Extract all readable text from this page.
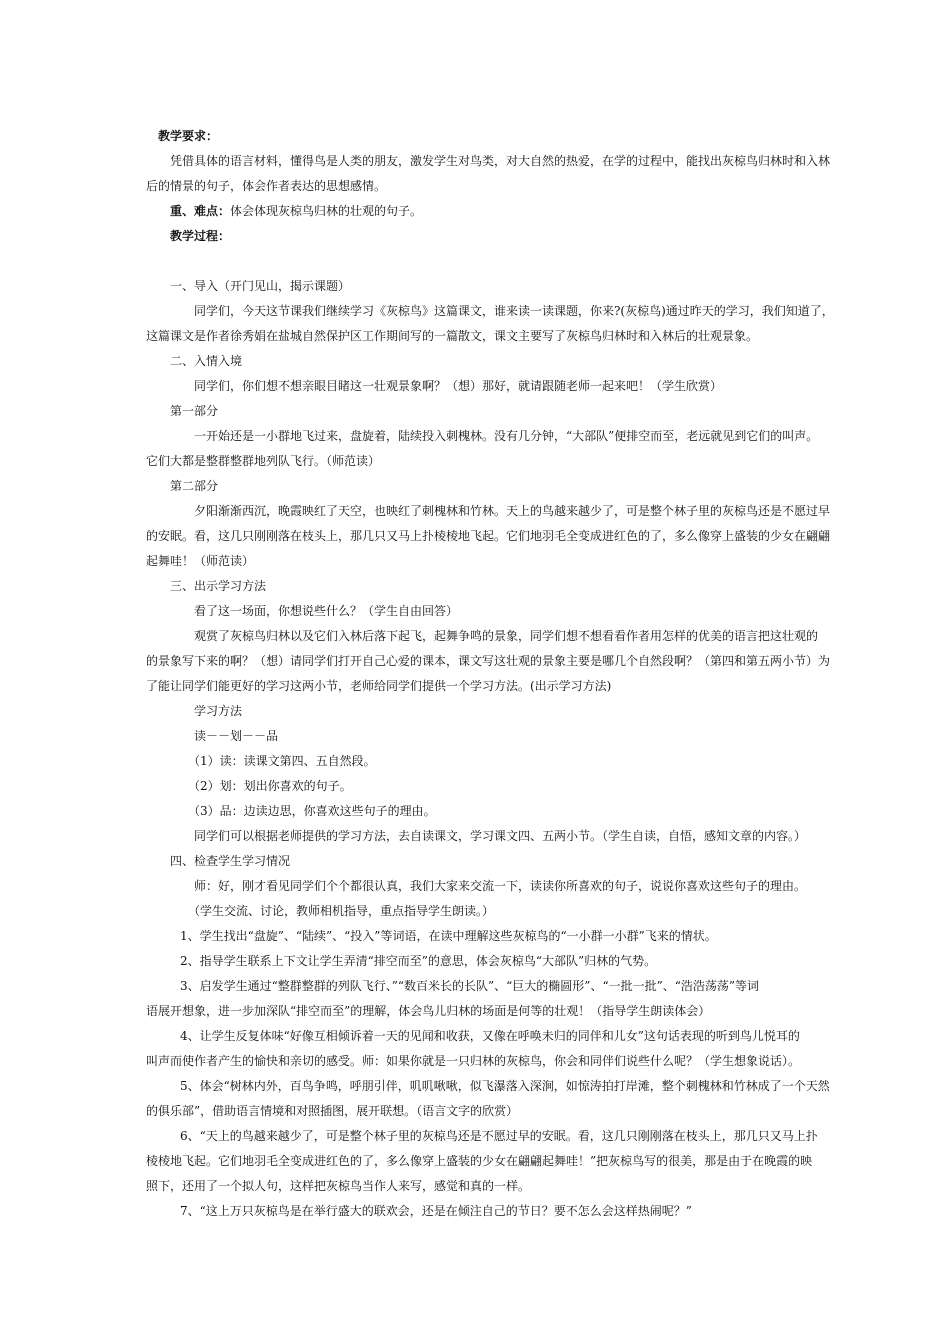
教学要求：
凭借具体的语言材料，懂得鸟是人类的朋友，激发学生对鸟类，对大自然的热爱，在学的过程中，能找出灰椋鸟归林时和入林
后的情景的句子，体会作者表达的思想感情。
重、难点：体会体现灰椋鸟归林的壮观的句子。
教学过程：
一、导入（开门见山，揭示课题）
同学们，今天这节课我们继续学习《灰椋鸟》这篇课文，谁来读一读课题，你来?(灰椋鸟)通过昨天的学习，我们知道了，
这篇课文是作者徐秀娟在盐城自然保护区工作期间写的一篇散文，课文主要写了灰椋鸟归林时和入林后的壮观景象。
二、入情入境
同学们，你们想不想亲眼目睹这一壮观景象啊？（想）那好，就请跟随老师一起来吧！（学生欣赏）
第一部分
一开始还是一小群地飞过来，盘旋着，陆续投入刺槐林。没有几分钟，“大部队”便排空而至，老远就见到它们的叫声。
它们大都是整群整群地列队飞行。（师范读）
第二部分
夕阳渐渐西沉，晚霞映红了天空，也映红了刺槐林和竹林。天上的鸟越来越少了，可是整个林子里的灰椋鸟还是不愿过早
的安眠。看，这几只刚刚落在枝头上，那几只又马上扑棱棱地飞起。它们地羽毛全变成进红色的了，多么像穿上盛装的少女在翩翩
起舞哇！（师范读）
三、出示学习方法
看了这一场面，你想说些什么？（学生自由回答）
观赏了灰椋鸟归林以及它们入林后落下起飞，起舞争鸣的景象，同学们想不想看看作者用怎样的优美的语言把这壮观的
的景象写下来的啊？（想）请同学们打开自己心爱的课本，课文写这壮观的景象主要是哪几个自然段啊？（第四和第五两小节）为
了能让同学们能更好的学习这两小节，老师给同学们提供一个学习方法。(出示学习方法)
学习方法
读－－划－－品
（1）读：读课文第四、五自然段。
（2）划：划出你喜欢的句子。
（3）品：边读边思，你喜欢这些句子的理由。
同学们可以根据老师提供的学习方法，去自读课文，学习课文四、五两小节。（学生自读，自悟，感知文章的内容。）
四、检查学生学习情况
师：好，刚才看见同学们个个都很认真，我们大家来交流一下，读读你所喜欢的句子，说说你喜欢这些句子的理由。
（学生交流、讨论，教师相机指导，重点指导学生朗读。）
1、学生找出“盘旋”、“陆续”、“投入”等词语，在读中理解这些灰椋鸟的“一小群一小群”飞来的情状。
2、指导学生联系上下文让学生弄清“排空而至”的意思，体会灰椋鸟“大部队”归林的气势。
3、启发学生通过“整群整群的列队飞行、”“数百米长的长队”、“巨大的椭圆形”、“一批一批”、“浩浩荡荡”等词
语展开想象，进一步加深队“排空而至”的理解，体会鸟儿归林的场面是何等的壮观！（指导学生朗读体会）
4、让学生反复体味“好像互相倾诉着一天的见闻和收获，又像在呼唤未归的同伴和儿女”这句话表现的听到鸟儿悦耳的
叫声而使作者产生的愉快和亲切的感受。师：如果你就是一只归林的灰椋鸟，你会和同伴们说些什么呢？（学生想象说话）。
5、体会“树林内外，百鸟争鸣，呼朋引伴，叽叽啾啾，似飞瀑落入深涧，如惊涛拍打岸滩，整个刺槐林和竹林成了一个天然
的俱乐部”，借助语言情境和对照插图，展开联想。（语言文字的欣赏）
6、“天上的鸟越来越少了，可是整个林子里的灰椋鸟还是不愿过早的安眠。看，这几只刚刚落在枝头上，那几只又马上扑
棱棱地飞起。它们地羽毛全变成进红色的了，多么像穿上盛装的少女在翩翩起舞哇！”把灰椋鸟写的很美，那是由于在晚霞的映
照下，还用了一个拟人句，这样把灰椋鸟当作人来写，感觉和真的一样。
7、“这上万只灰椋鸟是在举行盛大的联欢会，还是在倾注自己的节日？要不怎么会这样热闹呢？”
